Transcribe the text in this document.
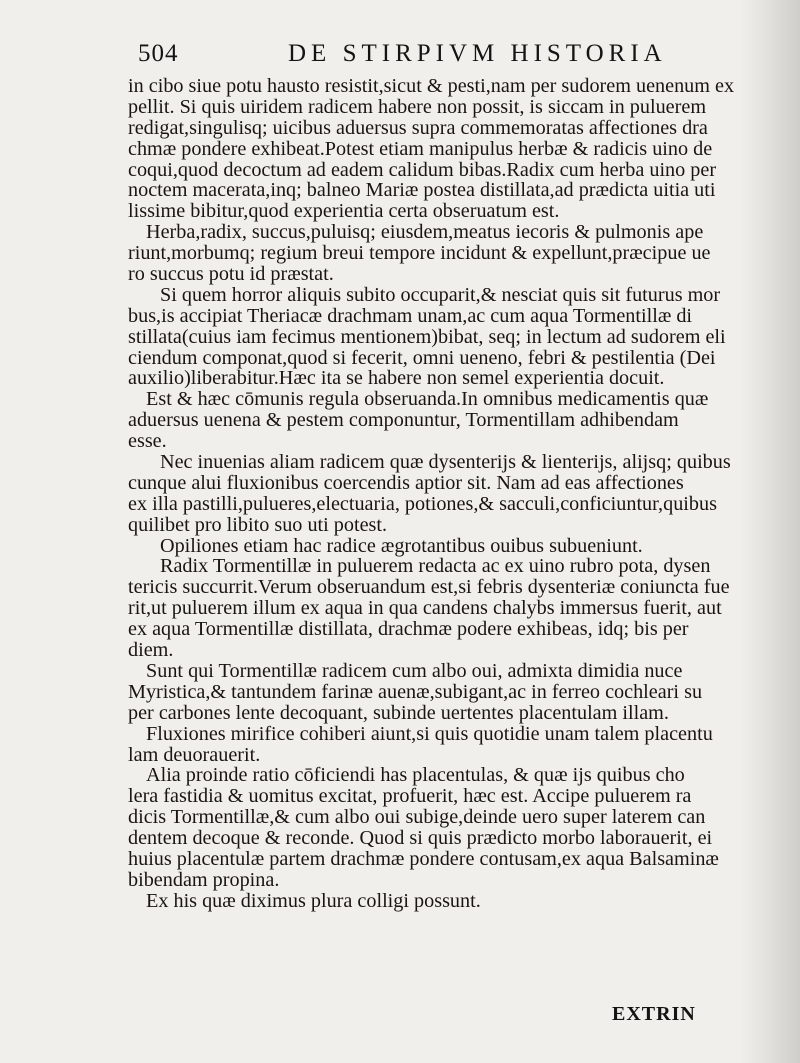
504	DE STIRPIVM HISTORIA
in cibo siue potu hausto resistit,sicut & pesti,nam per sudorem uenenum ex
pellit. Si quis uiridem radicem habere non possit, is siccam in puluerem
redigat,singulisq; uicibus aduersus supra commemoratas affectiones dra
chmæ pondere exhibeat.Potest etiam manipulus herbæ & radicis uino de
coqui,quod decoctum ad eadem calidum bibas.Radix cum herba uino per
noctem macerata,inq; balneo Mariæ postea distillata,ad prædicta uitia uti
lissime bibitur,quod experientia certa obseruatum est.
Herba,radix, succus,puluisq; eiusdem,meatus iecoris & pulmonis ape
riunt,morbumq; regium breui tempore incidunt & expellunt,præcipue ue
ro succus potu id præstat.
Si quem horror aliquis subito occuparit,& nesciat quis sit futurus mor
bus,is accipiat Theriacæ drachmam unam,ac cum aqua Tormentillæ di
stillata(cuius iam fecimus mentionem)bibat, seq; in lectum ad sudorem eli
ciendum componat,quod si fecerit, omni ueneno, febri & pestilentia (Dei
auxilio)liberabitur.Hæc ita se habere non semel experientia docuit.
Est & hæc cōmunis regula obseruanda.In omnibus medicamentis quæ
aduersus uenena & pestem componuntur, Tormentillam adhibendam
esse.
Nec inuenias aliam radicem quæ dysenterijs & lienterijs, alijsq; quibus
cunque alui fluxionibus coercendis aptior sit. Nam ad eas affectiones
ex illa pastilli,pulueres,electuaria, potiones,& sacculi,conficiuntur,quibus
quilibet pro libito suo uti potest.
Opiliones etiam hac radice ægrotantibus ouibus subueniunt.
Radix Tormentillæ in puluerem redacta ac ex uino rubro pota, dysen
tericis succurrit.Verum obseruandum est,si febris dysenteriæ coniuncta fue
rit,ut puluerem illum ex aqua in qua candens chalybs immersus fuerit, aut
ex aqua Tormentillæ distillata, drachmæ podere exhibeas, idq; bis per
diem.
Sunt qui Tormentillæ radicem cum albo oui, admixta dimidia nuce
Myristica,& tantundem farinæ auenæ,subigant,ac in ferreo cochleari su
per carbones lente decoquant, subinde uertentes placentulam illam.
Fluxiones mirifice cohiberi aiunt,si quis quotidie unam talem placentu
lam deuorauerit.
Alia proinde ratio cōficiendi has placentulas, & quæ ijs quibus cho
lera fastidia & uomitus excitat, profuerit, hæc est. Accipe puluerem ra
dicis Tormentillæ,& cum albo oui subige,deinde uero super laterem can
dentem decoque & reconde. Quod si quis prædicto morbo laborauerit, ei
huius placentulæ partem drachmæ pondere contusam,ex aqua Balsaminæ
bibendam propina.
Ex his quæ diximus plura colligi possunt.
EXTRIN
